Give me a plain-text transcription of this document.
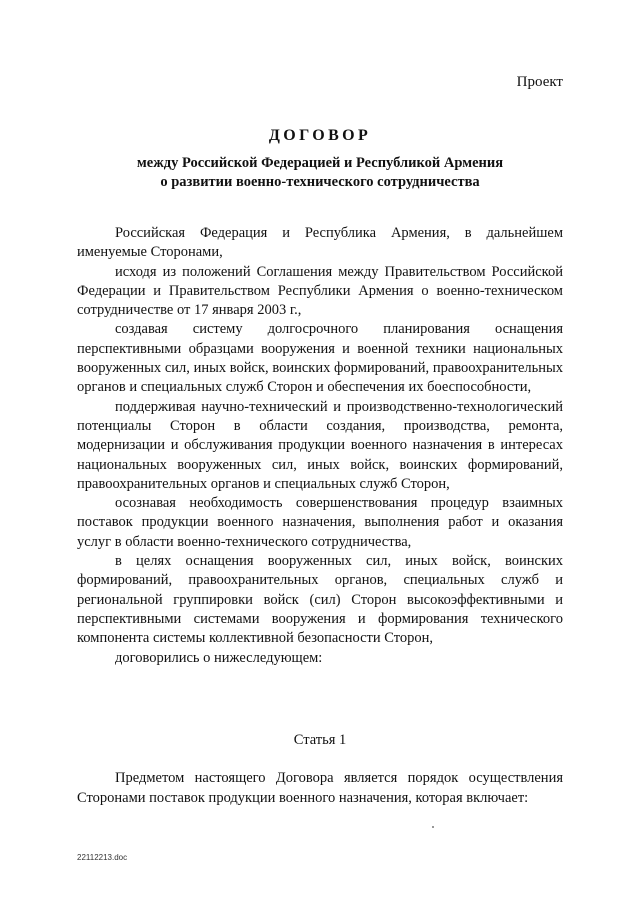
Проект
ДОГОВОР
между Российской Федерацией и Республикой Армения
о развитии военно-технического сотрудничества

Российская Федерация и Республика Армения, в дальнейшем именуемые Сторонами,

исходя из положений Соглашения между Правительством Российской Федерации и Правительством Республики Армения о военно-техническом сотрудничестве от 17 января 2003 г.,

создавая систему долгосрочного планирования оснащения перспективными образцами вооружения и военной техники национальных вооруженных сил, иных войск, воинских формирований, правоохранительных органов и специальных служб Сторон и обеспечения их боеспособности,

поддерживая научно-технический и производственно-технологический потенциалы Сторон в области создания, производства, ремонта, модернизации и обслуживания продукции военного назначения в интересах национальных вооруженных сил, иных войск, воинских формирований, правоохранительных органов и специальных служб Сторон,

осознавая необходимость совершенствования процедур взаимных поставок продукции военного назначения, выполнения работ и оказания услуг в области военно-технического сотрудничества,

в целях оснащения вооруженных сил, иных войск, воинских формирований, правоохранительных органов, специальных служб и региональной группировки войск (сил) Сторон высокоэффективными и перспективными системами вооружения и формирования технического компонента системы коллективной безопасности Сторон,

договорились о нижеследующем:

Статья 1

Предметом настоящего Договора является порядок осуществления Сторонами поставок продукции военного назначения, которая включает:

22112213.doc
